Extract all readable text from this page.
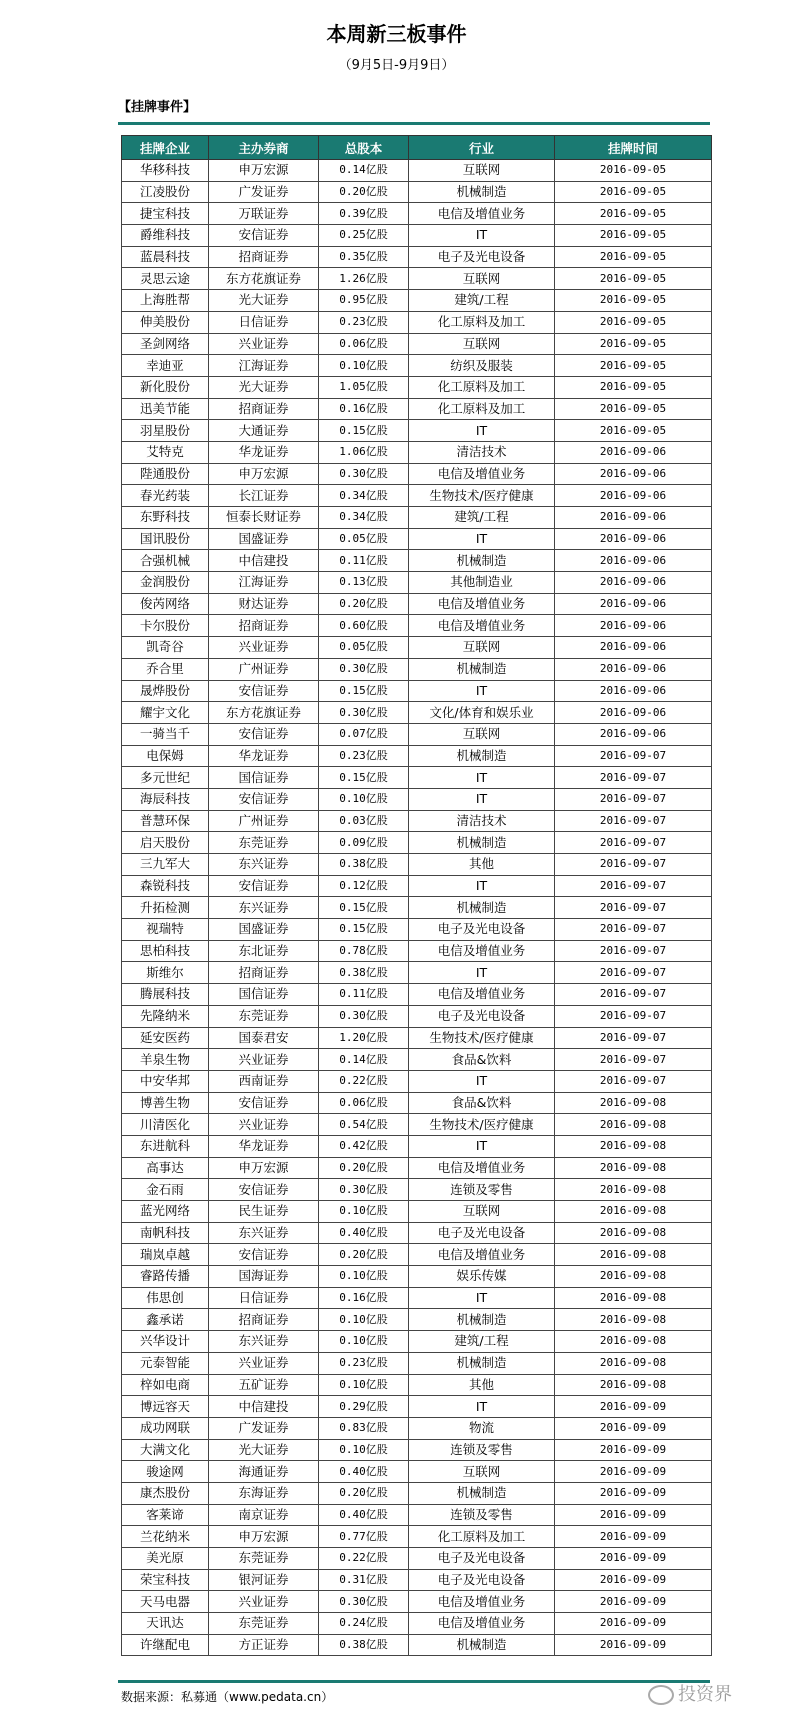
本周新三板事件
（9月5日-9月9日）
【挂牌事件】
挂牌企业	主办券商	总股本	行业	挂牌时间
华移科技	申万宏源	0.14亿股	互联网	2016-09-05
江凌股份	广发证券	0.20亿股	机械制造	2016-09-05
捷宝科技	万联证券	0.39亿股	电信及增值业务	2016-09-05
爵维科技	安信证券	0.25亿股	IT	2016-09-05
蓝晨科技	招商证券	0.35亿股	电子及光电设备	2016-09-05
灵思云途	东方花旗证券	1.26亿股	互联网	2016-09-05
上海胜帮	光大证券	0.95亿股	建筑/工程	2016-09-05
伸美股份	日信证券	0.23亿股	化工原料及加工	2016-09-05
圣剑网络	兴业证券	0.06亿股	互联网	2016-09-05
幸迪亚	江海证券	0.10亿股	纺织及服装	2016-09-05
新化股份	光大证券	1.05亿股	化工原料及加工	2016-09-05
迅美节能	招商证券	0.16亿股	化工原料及加工	2016-09-05
羽星股份	大通证券	0.15亿股	IT	2016-09-05
艾特克	华龙证券	1.06亿股	清洁技术	2016-09-06
陛通股份	申万宏源	0.30亿股	电信及增值业务	2016-09-06
春光药装	长江证券	0.34亿股	生物技术/医疗健康	2016-09-06
东野科技	恒泰长财证券	0.34亿股	建筑/工程	2016-09-06
国讯股份	国盛证券	0.05亿股	IT	2016-09-06
合强机械	中信建投	0.11亿股	机械制造	2016-09-06
金润股份	江海证券	0.13亿股	其他制造业	2016-09-06
俊芮网络	财达证券	0.20亿股	电信及增值业务	2016-09-06
卡尔股份	招商证券	0.60亿股	电信及增值业务	2016-09-06
凯奇谷	兴业证券	0.05亿股	互联网	2016-09-06
乔合里	广州证券	0.30亿股	机械制造	2016-09-06
晟烨股份	安信证券	0.15亿股	IT	2016-09-06
耀宇文化	东方花旗证券	0.30亿股	文化/体育和娱乐业	2016-09-06
一骑当千	安信证券	0.07亿股	互联网	2016-09-06
电保姆	华龙证券	0.23亿股	机械制造	2016-09-07
多元世纪	国信证券	0.15亿股	IT	2016-09-07
海辰科技	安信证券	0.10亿股	IT	2016-09-07
普慧环保	广州证券	0.03亿股	清洁技术	2016-09-07
启天股份	东莞证券	0.09亿股	机械制造	2016-09-07
三九军大	东兴证券	0.38亿股	其他	2016-09-07
森锐科技	安信证券	0.12亿股	IT	2016-09-07
升拓检测	东兴证券	0.15亿股	机械制造	2016-09-07
视瑞特	国盛证券	0.15亿股	电子及光电设备	2016-09-07
思柏科技	东北证券	0.78亿股	电信及增值业务	2016-09-07
斯维尔	招商证券	0.38亿股	IT	2016-09-07
腾展科技	国信证券	0.11亿股	电信及增值业务	2016-09-07
先隆纳米	东莞证券	0.30亿股	电子及光电设备	2016-09-07
延安医药	国泰君安	1.20亿股	生物技术/医疗健康	2016-09-07
羊泉生物	兴业证券	0.14亿股	食品&饮料	2016-09-07
中安华邦	西南证券	0.22亿股	IT	2016-09-07
博善生物	安信证券	0.06亿股	食品&饮料	2016-09-08
川清医化	兴业证券	0.54亿股	生物技术/医疗健康	2016-09-08
东进航科	华龙证券	0.42亿股	IT	2016-09-08
高事达	申万宏源	0.20亿股	电信及增值业务	2016-09-08
金石雨	安信证券	0.30亿股	连锁及零售	2016-09-08
蓝光网络	民生证券	0.10亿股	互联网	2016-09-08
南帆科技	东兴证券	0.40亿股	电子及光电设备	2016-09-08
瑞岚卓越	安信证券	0.20亿股	电信及增值业务	2016-09-08
睿路传播	国海证券	0.10亿股	娱乐传媒	2016-09-08
伟思创	日信证券	0.16亿股	IT	2016-09-08
鑫承诺	招商证券	0.10亿股	机械制造	2016-09-08
兴华设计	东兴证券	0.10亿股	建筑/工程	2016-09-08
元泰智能	兴业证券	0.23亿股	机械制造	2016-09-08
梓如电商	五矿证券	0.10亿股	其他	2016-09-08
博远容天	中信建投	0.29亿股	IT	2016-09-09
成功网联	广发证券	0.83亿股	物流	2016-09-09
大满文化	光大证券	0.10亿股	连锁及零售	2016-09-09
骏途网	海通证券	0.40亿股	互联网	2016-09-09
康杰股份	东海证券	0.20亿股	机械制造	2016-09-09
客莱谛	南京证券	0.40亿股	连锁及零售	2016-09-09
兰花纳米	申万宏源	0.77亿股	化工原料及加工	2016-09-09
美光原	东莞证券	0.22亿股	电子及光电设备	2016-09-09
荣宝科技	银河证券	0.31亿股	电子及光电设备	2016-09-09
天马电器	兴业证券	0.30亿股	电信及增值业务	2016-09-09
天讯达	东莞证券	0.24亿股	电信及增值业务	2016-09-09
许继配电	方正证券	0.38亿股	机械制造	2016-09-09
数据来源：私募通（www.pedata.cn）	投资界
